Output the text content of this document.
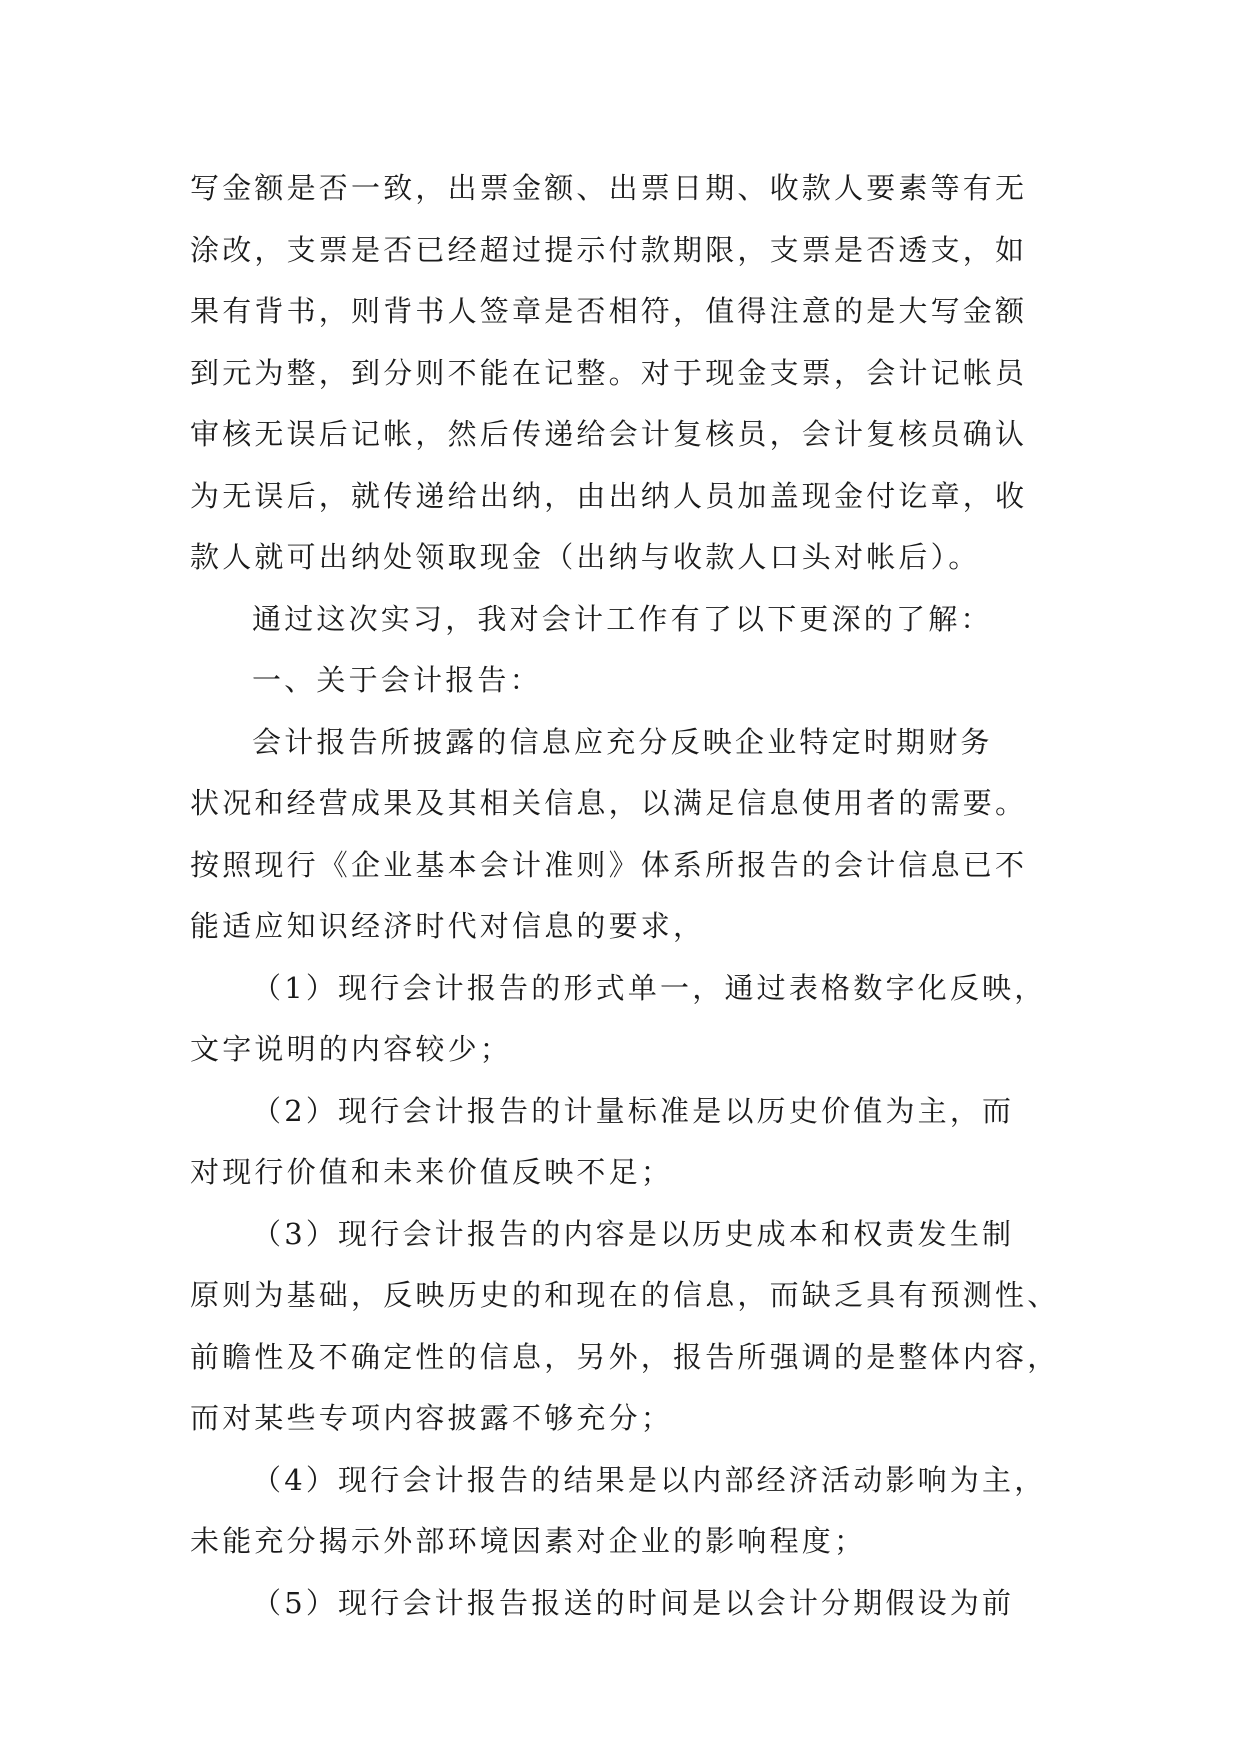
写金额是否一致，出票金额、出票日期、收款人要素等有无
涂改，支票是否已经超过提示付款期限，支票是否透支，如
果有背书，则背书人签章是否相符，值得注意的是大写金额
到元为整，到分则不能在记整。对于现金支票，会计记帐员
审核无误后记帐，然后传递给会计复核员，会计复核员确认
为无误后，就传递给出纳，由出纳人员加盖现金付讫章，收
款人就可出纳处领取现金（出纳与收款人口头对帐后）。
通过这次实习，我对会计工作有了以下更深的了解：
一、关于会计报告：
会计报告所披露的信息应充分反映企业特定时期财务
状况和经营成果及其相关信息，以满足信息使用者的需要。
按照现行《企业基本会计准则》体系所报告的会计信息已不
能适应知识经济时代对信息的要求，
（1）现行会计报告的形式单一，通过表格数字化反映，
文字说明的内容较少；
（2）现行会计报告的计量标准是以历史价值为主，而
对现行价值和未来价值反映不足；
（3）现行会计报告的内容是以历史成本和权责发生制
原则为基础，反映历史的和现在的信息，而缺乏具有预测性、
前瞻性及不确定性的信息，另外，报告所强调的是整体内容，
而对某些专项内容披露不够充分；
（4）现行会计报告的结果是以内部经济活动影响为主，
未能充分揭示外部环境因素对企业的影响程度；
（5）现行会计报告报送的时间是以会计分期假设为前
